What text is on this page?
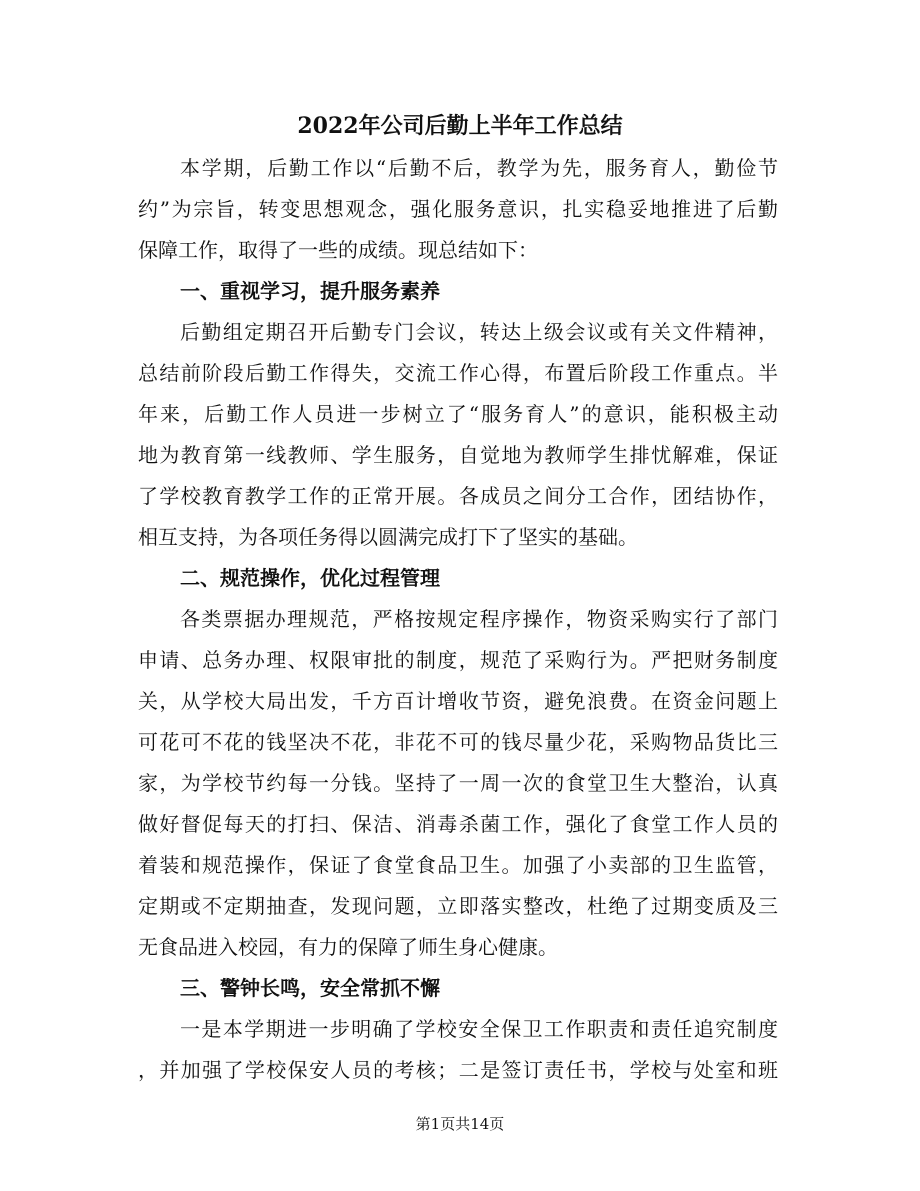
2022年公司后勤上半年工作总结
本学期，后勤工作以“后勤不后，教学为先，服务育人，勤俭节
约”为宗旨，转变思想观念，强化服务意识，扎实稳妥地推进了后勤
保障工作，取得了一些的成绩。现总结如下：
一、重视学习，提升服务素养
后勤组定期召开后勤专门会议，转达上级会议或有关文件精神，
总结前阶段后勤工作得失，交流工作心得，布置后阶段工作重点。半
年来，后勤工作人员进一步树立了“服务育人”的意识，能积极主动
地为教育第一线教师、学生服务，自觉地为教师学生排忧解难，保证
了学校教育教学工作的正常开展。各成员之间分工合作，团结协作，
相互支持，为各项任务得以圆满完成打下了坚实的基础。
二、规范操作，优化过程管理
各类票据办理规范，严格按规定程序操作，物资采购实行了部门
申请、总务办理、权限审批的制度，规范了采购行为。严把财务制度
关，从学校大局出发，千方百计增收节资，避免浪费。在资金问题上
可花可不花的钱坚决不花，非花不可的钱尽量少花，采购物品货比三
家，为学校节约每一分钱。坚持了一周一次的食堂卫生大整治，认真
做好督促每天的打扫、保洁、消毒杀菌工作，强化了食堂工作人员的
着装和规范操作，保证了食堂食品卫生。加强了小卖部的卫生监管，
定期或不定期抽查，发现问题，立即落实整改，杜绝了过期变质及三
无食品进入校园，有力的保障了师生身心健康。
三、警钟长鸣，安全常抓不懈
一是本学期进一步明确了学校安全保卫工作职责和责任追究制度
，并加强了学校保安人员的考核；二是签订责任书，学校与处室和班
第1页共14页
